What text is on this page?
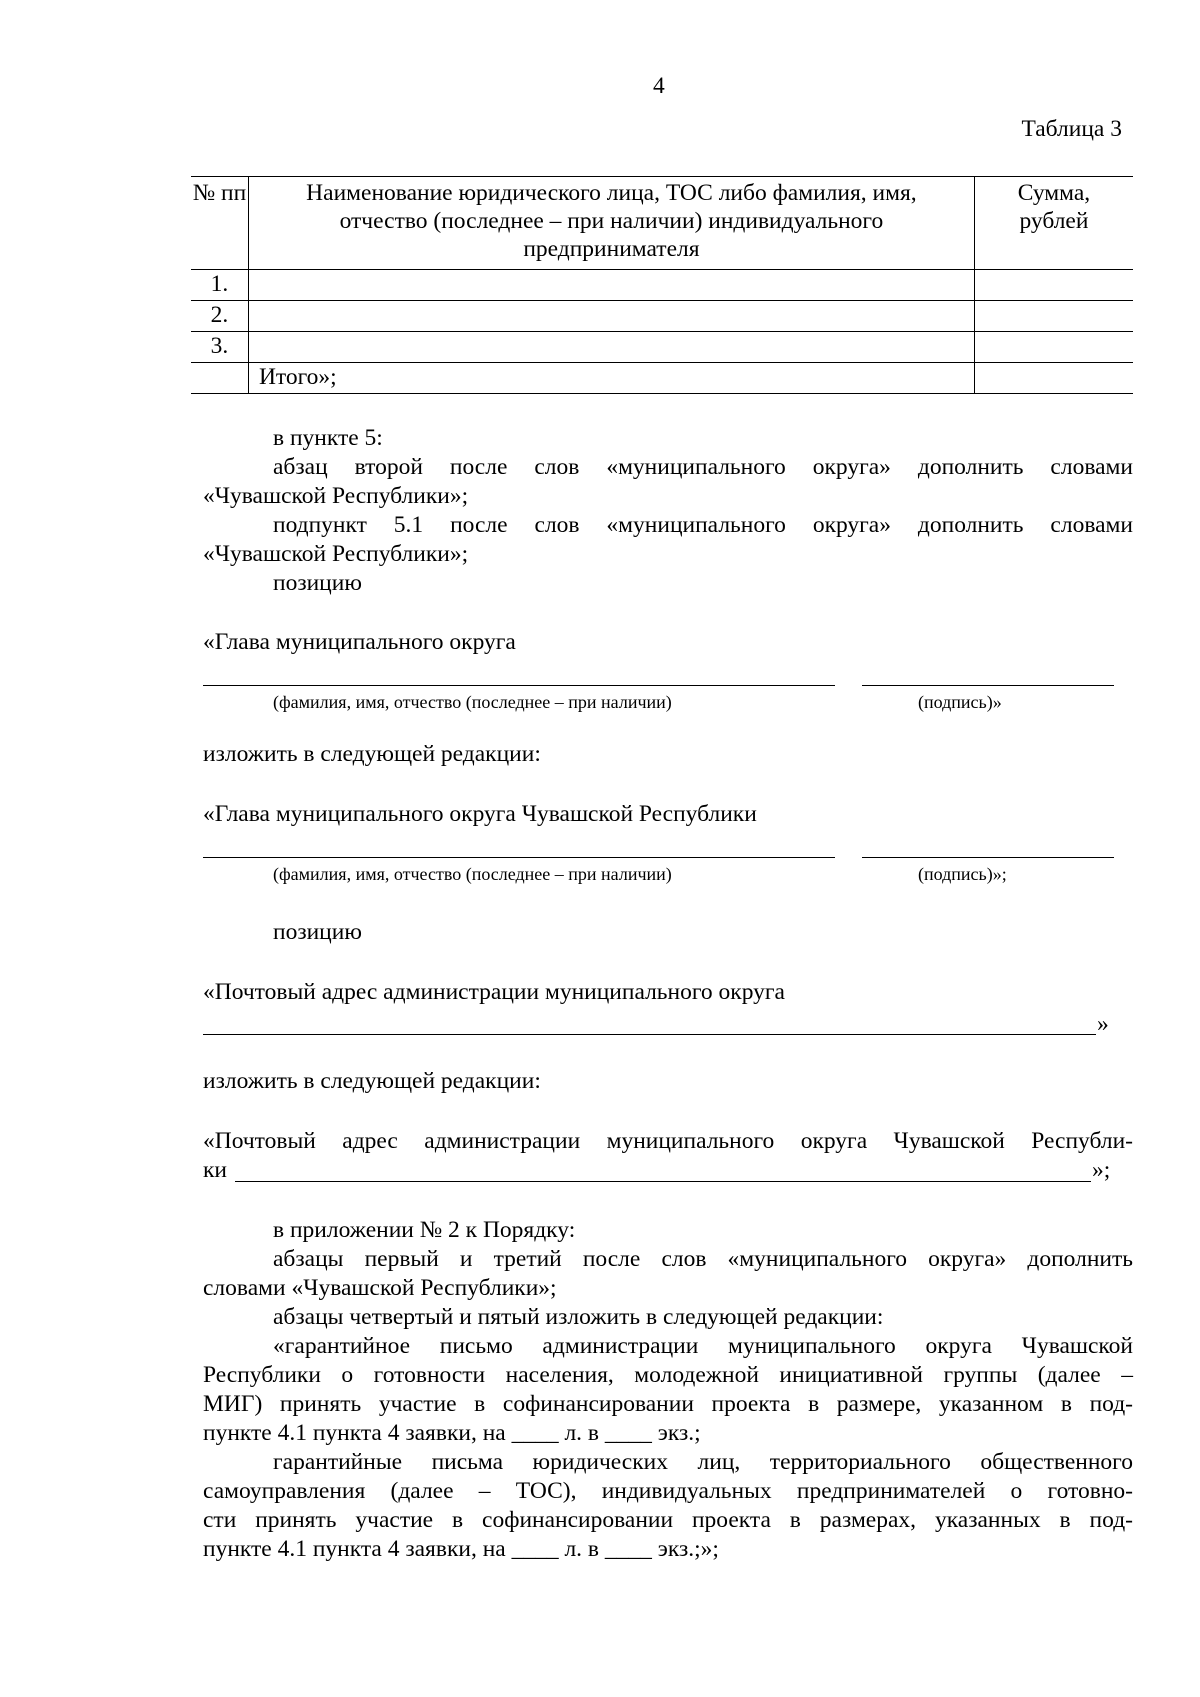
4
Таблица 3
№ пп	Наименование юридического лица, ТОС либо фамилия, имя, отчество (последнее – при наличии) индивидуального предпринимателя	Сумма, рублей
1.		
2.		
3.		
	Итого»;	
в пункте 5:
абзац второй после слов «муниципального округа» дополнить словами
«Чувашской Республики»;
подпункт 5.1 после слов «муниципального округа» дополнить словами
«Чувашской Республики»;
позицию
«Глава муниципального округа
(фамилия, имя, отчество (последнее – при наличии)	(подпись)»
изложить в следующей редакции:
«Глава муниципального округа Чувашской Республики
(фамилия, имя, отчество (последнее – при наличии)	(подпись)»;
позицию
«Почтовый адрес администрации муниципального округа
»
изложить в следующей редакции:
«Почтовый адрес администрации муниципального округа Чувашской Республи-
ки	»;
в приложении № 2 к Порядку:
абзацы первый и третий после слов «муниципального округа» дополнить
словами «Чувашской Республики»;
абзацы четвертый и пятый изложить в следующей редакции:
«гарантийное письмо администрации муниципального округа Чувашской
Республики о готовности населения, молодежной инициативной группы (далее –
МИГ) принять участие в софинансировании проекта в размере, указанном в под-
пункте 4.1 пункта 4 заявки, на ____ л. в ____ экз.;
гарантийные письма юридических лиц, территориального общественного
самоуправления (далее – ТОС), индивидуальных предпринимателей о готовно-
сти принять участие в софинансировании проекта в размерах, указанных в под-
пункте 4.1 пункта 4 заявки, на ____ л. в ____ экз.;»;
